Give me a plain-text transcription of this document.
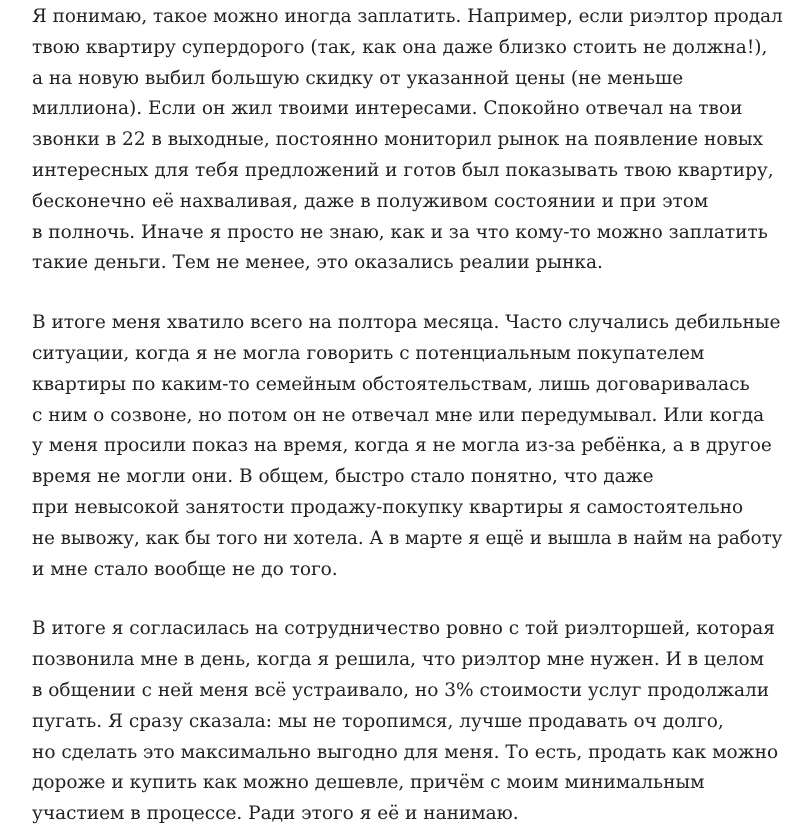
Я понимаю, такое можно иногда заплатить. Например, если риэлтор продал
твою квартиру супердорого (так, как она даже близко стоить не должна!),
а на новую выбил большую скидку от указанной цены (не меньше
миллиона). Если он жил твоими интересами. Спокойно отвечал на твои
звонки в 22 в выходные, постоянно мониторил рынок на появление новых
интересных для тебя предложений и готов был показывать твою квартиру,
бесконечно её нахваливая, даже в полуживом состоянии и при этом
в полночь. Иначе я просто не знаю, как и за что кому-то можно заплатить
такие деньги. Тем не менее, это оказались реалии рынка.
В итоге меня хватило всего на полтора месяца. Часто случались дебильные
ситуации, когда я не могла говорить с потенциальным покупателем
квартиры по каким-то семейным обстоятельствам, лишь договаривалась
с ним о созвоне, но потом он не отвечал мне или передумывал. Или когда
у меня просили показ на время, когда я не могла из-за ребёнка, а в другое
время не могли они. В общем, быстро стало понятно, что даже
при невысокой занятости продажу-покупку квартиры я самостоятельно
не вывожу, как бы того ни хотела. А в марте я ещё и вышла в найм на работу
и мне стало вообще не до того.
В итоге я согласилась на сотрудничество ровно с той риэлторшей, которая
позвонила мне в день, когда я решила, что риэлтор мне нужен. И в целом
в общении с ней меня всё устраивало, но 3% стоимости услуг продолжали
пугать. Я сразу сказала: мы не торопимся, лучше продавать оч долго,
но сделать это максимально выгодно для меня. То есть, продать как можно
дороже и купить как можно дешевле, причём с моим минимальным
участием в процессе. Ради этого я её и нанимаю.
